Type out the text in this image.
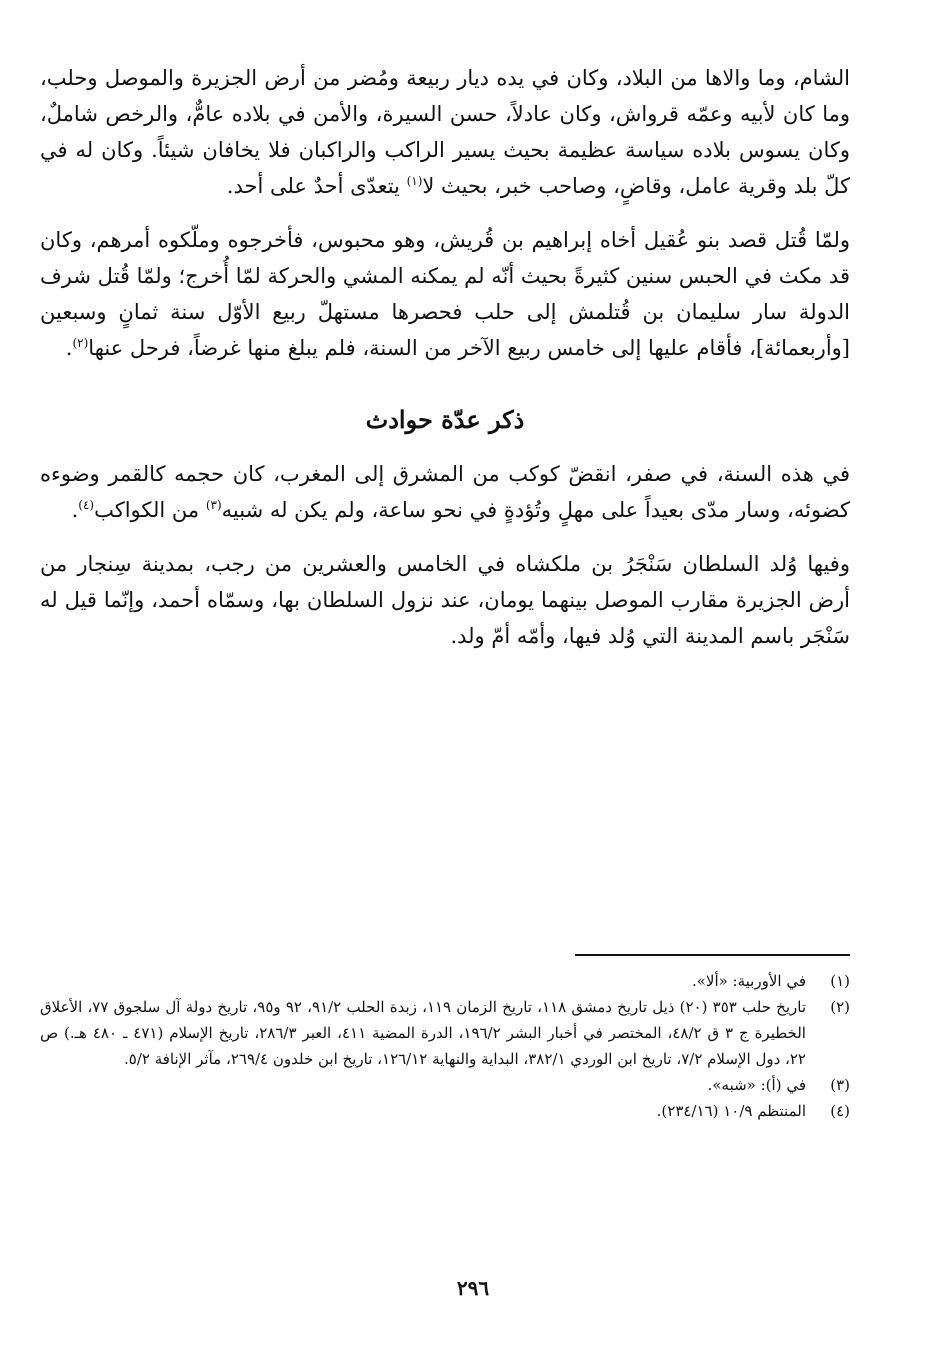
الشام، وما والاها من البلاد، وكان في يده ديار ربيعة ومُضر من أرض الجزيرة والموصل وحلب، وما كان لأبيه وعمّه قرواش، وكان عادلاً، حسن السيرة، والأمن في بلاده عامٌّ، والرخص شاملٌ، وكان يسوس بلاده سياسة عظيمة بحيث يسير الراكب والراكبان فلا يخافان شيئاً. وكان له في كلّ بلد وقرية عامل، وقاضٍ، وصاحب خبر، بحيث لا$^{(١)}$ يتعدّى أحدٌ على أحد.

ولمّا قُتل قصد بنو عُقيل أخاه إبراهيم بن قُريش، وهو محبوس، فأخرجوه وملّكوه أمرهم، وكان قد مكث في الحبس سنين كثيرةً بحيث أنّه لم يمكنه المشي والحركة لمّا أُخرج؛ ولمّا قُتل شرف الدولة سار سليمان بن قُتلمش إلى حلب فحصرها مستهلّ ربيع الأوّل سنة ثمانٍ وسبعين [وأربعمائة]، فأقام عليها إلى خامس ربيع الآخر من السنة، فلم يبلغ منها غرضاً، فرحل عنها$^{(٢)}$.

ذكر عدّة حوادث

في هذه السنة، في صفر، انقضّ كوكب من المشرق إلى المغرب، كان حجمه كالقمر وضوءه كضوئه، وسار مدّى بعيداً على مهلٍ وتُؤدةٍ في نحو ساعة، ولم يكن له شبيه$^{(٣)}$ من الكواكب$^{(٤)}$.

وفيها وُلد السلطان سَنْجَرُ بن ملكشاه في الخامس والعشرين من رجب، بمدينة سِنجار من أرض الجزيرة مقارب الموصل بينهما يومان، عند نزول السلطان بها، وسمّاه أحمد، وإنّما قيل له سَنْجَر باسم المدينة التي وُلد فيها، وأمّه أمّ ولد.

(١)
في الأوربية: «ألا».
(٢)
تاريخ حلب ٣٥٣ (٢٠) ذيل تاريخ دمشق ١١٨، تاريخ الزمان ١١٩، زبدة الحلب ٩١/٢، ٩٢ و٩٥، تاريخ دولة آل سلجوق ٧٧، الأعلاق الخطيرة ج ٣ ق ٤٨/٢، المختصر في أخبار البشر ١٩٦/٢، الدرة المضية ٤١١، العبر ٢٨٦/٣، تاريخ الإسلام (٤٧١ ـ ٤٨٠ هـ.) ص ٢٢، دول الإسلام ٧/٢، تاريخ ابن الوردي ٣٨٢/١، البداية والنهاية ١٢٦/١٢، تاريخ ابن خلدون ٢٦٩/٤، مآثر الإنافة ٥/٢.
(٣)
في (أ): «شبه».
(٤)
المنتظم ١٠/٩ (٢٣٤/١٦).
٢٩٦
